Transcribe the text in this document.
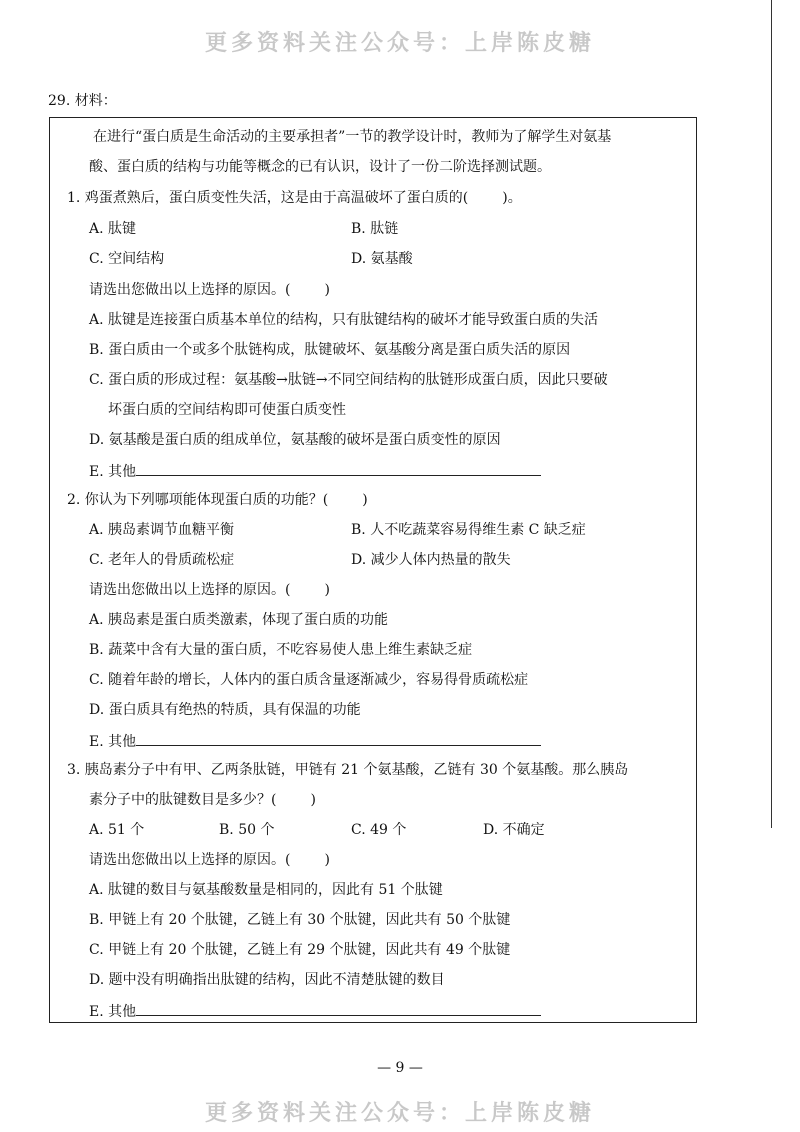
更多资料关注公众号：上岸陈皮糖
29. 材料：
在进行“蛋白质是生命活动的主要承担者”一节的教学设计时，教师为了解学生对氨基
酸、蛋白质的结构与功能等概念的已有认识，设计了一份二阶选择测试题。
1. 鸡蛋煮熟后，蛋白质变性失活，这是由于高温破坏了蛋白质的( )。
A. 肽键	B. 肽链
C. 空间结构	D. 氨基酸
请选出您做出以上选择的原因。( )
A. 肽键是连接蛋白质基本单位的结构，只有肽键结构的破坏才能导致蛋白质的失活
B. 蛋白质由一个或多个肽链构成，肽键破坏、氨基酸分离是蛋白质失活的原因
C. 蛋白质的形成过程：氨基酸→肽链→不同空间结构的肽链形成蛋白质，因此只要破
坏蛋白质的空间结构即可使蛋白质变性
D. 氨基酸是蛋白质的组成单位，氨基酸的破坏是蛋白质变性的原因
E. 其他
2. 你认为下列哪项能体现蛋白质的功能？( )
A. 胰岛素调节血糖平衡	B. 人不吃蔬菜容易得维生素 C 缺乏症
C. 老年人的骨质疏松症	D. 减少人体内热量的散失
请选出您做出以上选择的原因。( )
A. 胰岛素是蛋白质类激素，体现了蛋白质的功能
B. 蔬菜中含有大量的蛋白质，不吃容易使人患上维生素缺乏症
C. 随着年龄的增长，人体内的蛋白质含量逐渐减少，容易得骨质疏松症
D. 蛋白质具有绝热的特质，具有保温的功能
E. 其他
3. 胰岛素分子中有甲、乙两条肽链，甲链有 21 个氨基酸，乙链有 30 个氨基酸。那么胰岛
素分子中的肽键数目是多少？( )
A. 51 个	B. 50 个	C. 49 个	D. 不确定
请选出您做出以上选择的原因。( )
A. 肽键的数目与氨基酸数量是相同的，因此有 51 个肽键
B. 甲链上有 20 个肽键，乙链上有 30 个肽键，因此共有 50 个肽键
C. 甲链上有 20 个肽键，乙链上有 29 个肽键，因此共有 49 个肽键
D. 题中没有明确指出肽键的结构，因此不清楚肽键的数目
E. 其他
— 9 —
更多资料关注公众号：上岸陈皮糖
